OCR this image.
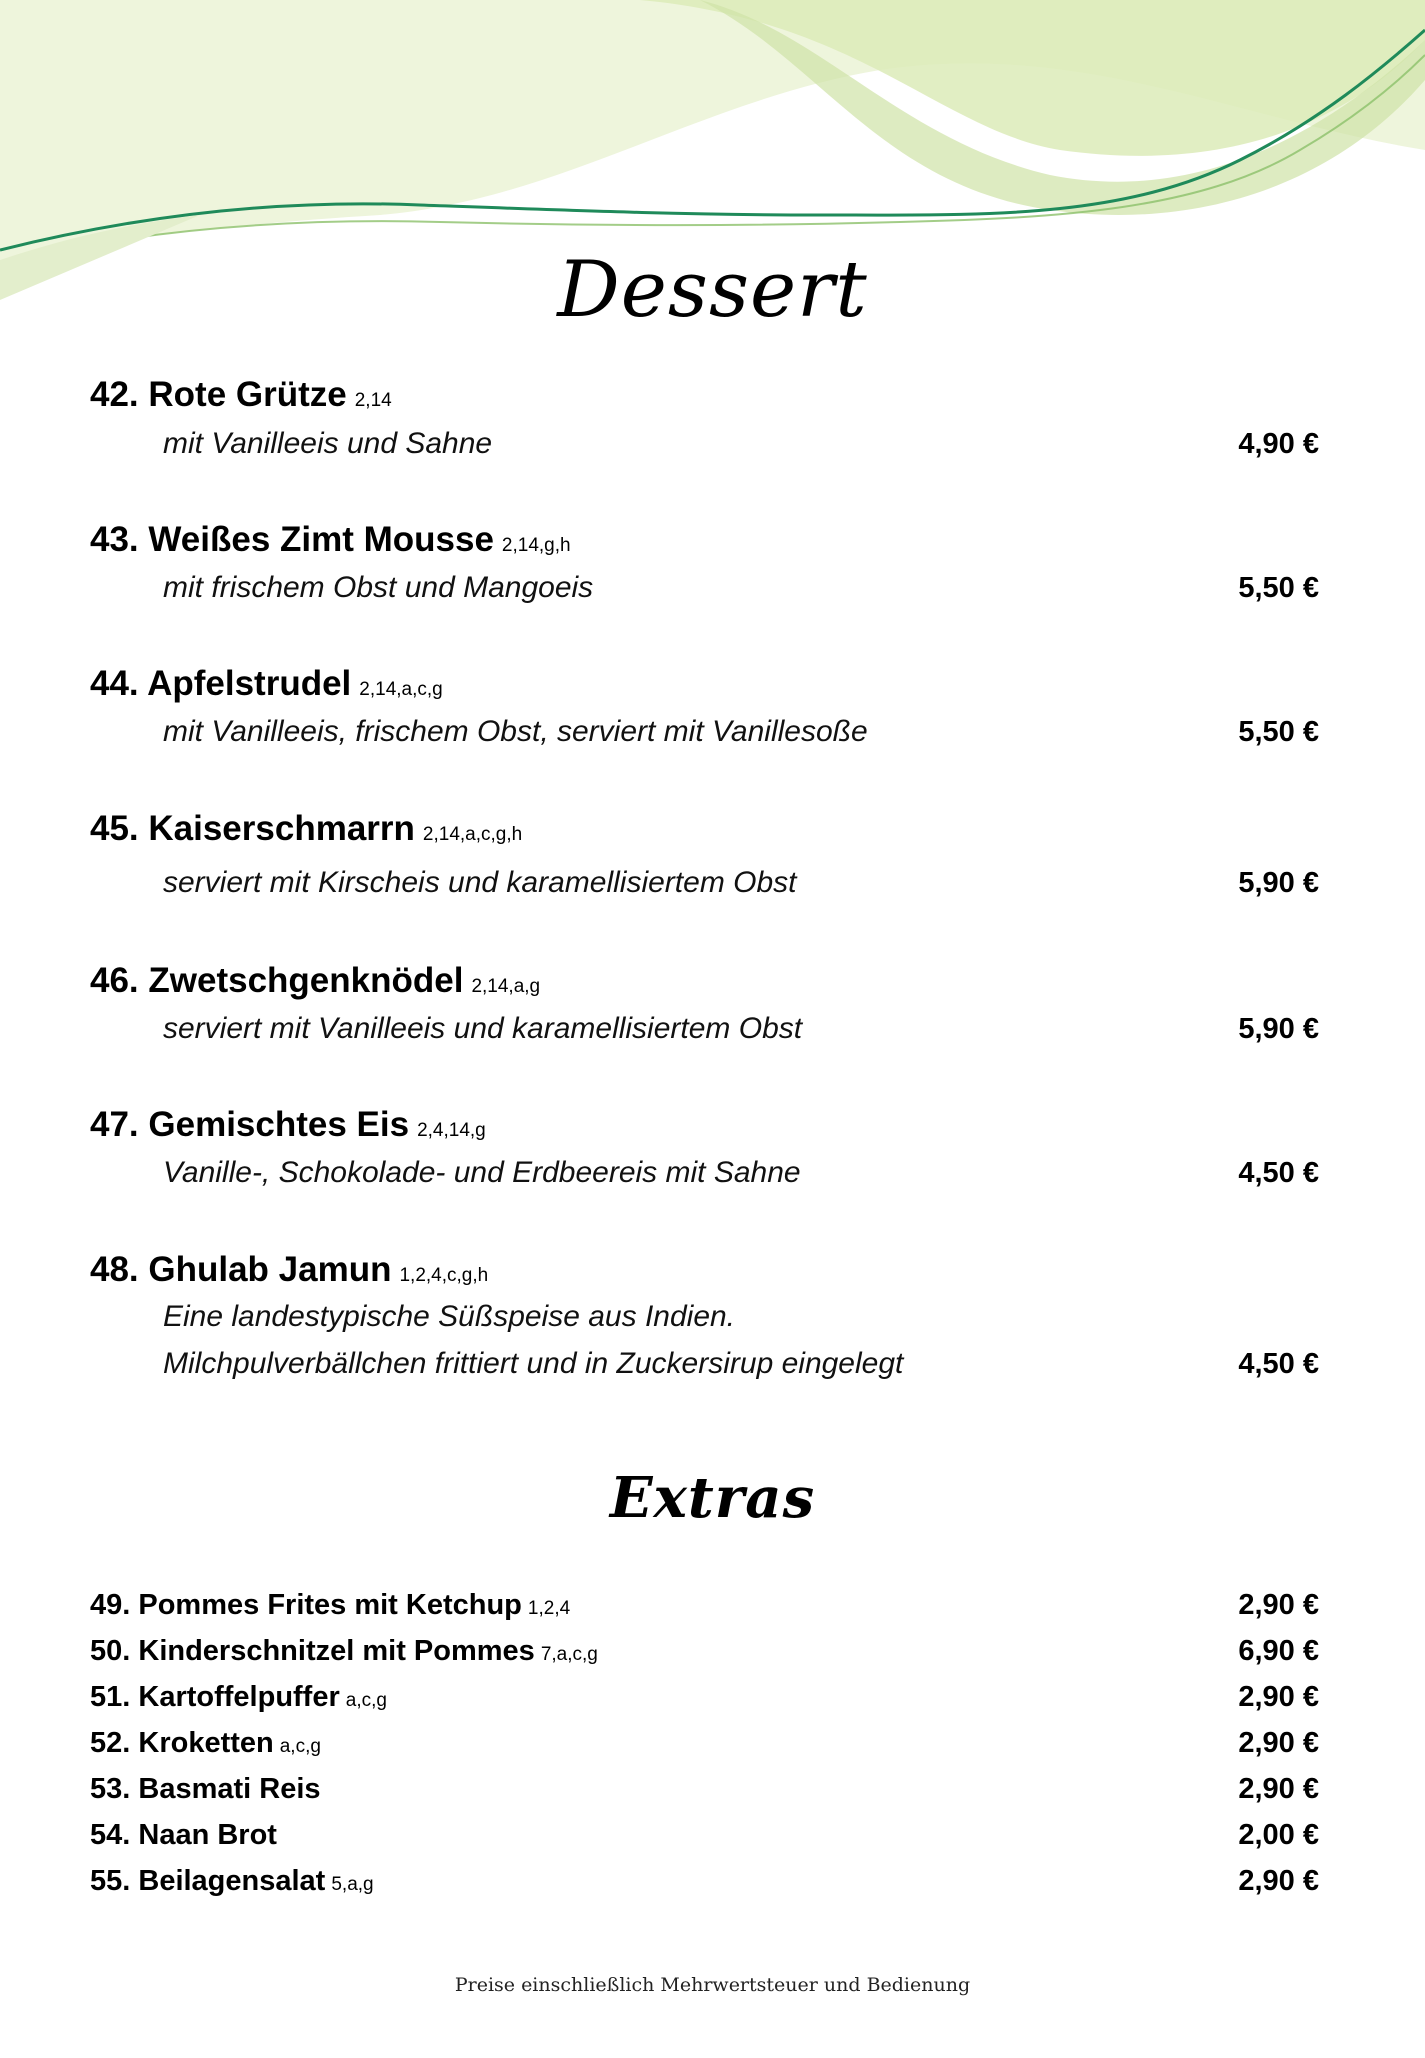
Dessert
42. Rote Grütze 2,14
mit Vanilleeis und Sahne	4,90 €
43. Weißes Zimt Mousse 2,14,g,h
mit frischem Obst und Mangoeis	5,50 €
44. Apfelstrudel 2,14,a,c,g
mit Vanilleeis, frischem Obst, serviert mit Vanillesoße	5,50 €
45. Kaiserschmarrn 2,14,a,c,g,h
serviert mit Kirscheis und karamellisiertem Obst	5,90 €
46. Zwetschgenknödel 2,14,a,g
serviert mit Vanilleeis und karamellisiertem Obst	5,90 €
47. Gemischtes Eis 2,4,14,g
Vanille-, Schokolade- und Erdbeereis mit Sahne	4,50 €
48. Ghulab Jamun 1,2,4,c,g,h
Eine landestypische Süßspeise aus Indien.
Milchpulverbällchen frittiert und in Zuckersirup eingelegt	4,50 €
Extras
49. Pommes Frites mit Ketchup 1,2,4	2,90 €
50. Kinderschnitzel mit Pommes 7,a,c,g	6,90 €
51. Kartoffelpuffer a,c,g	2,90 €
52. Kroketten a,c,g	2,90 €
53. Basmati Reis	2,90 €
54. Naan Brot	2,00 €
55. Beilagensalat 5,a,g	2,90 €
Preise einschließlich Mehrwertsteuer und Bedienung
